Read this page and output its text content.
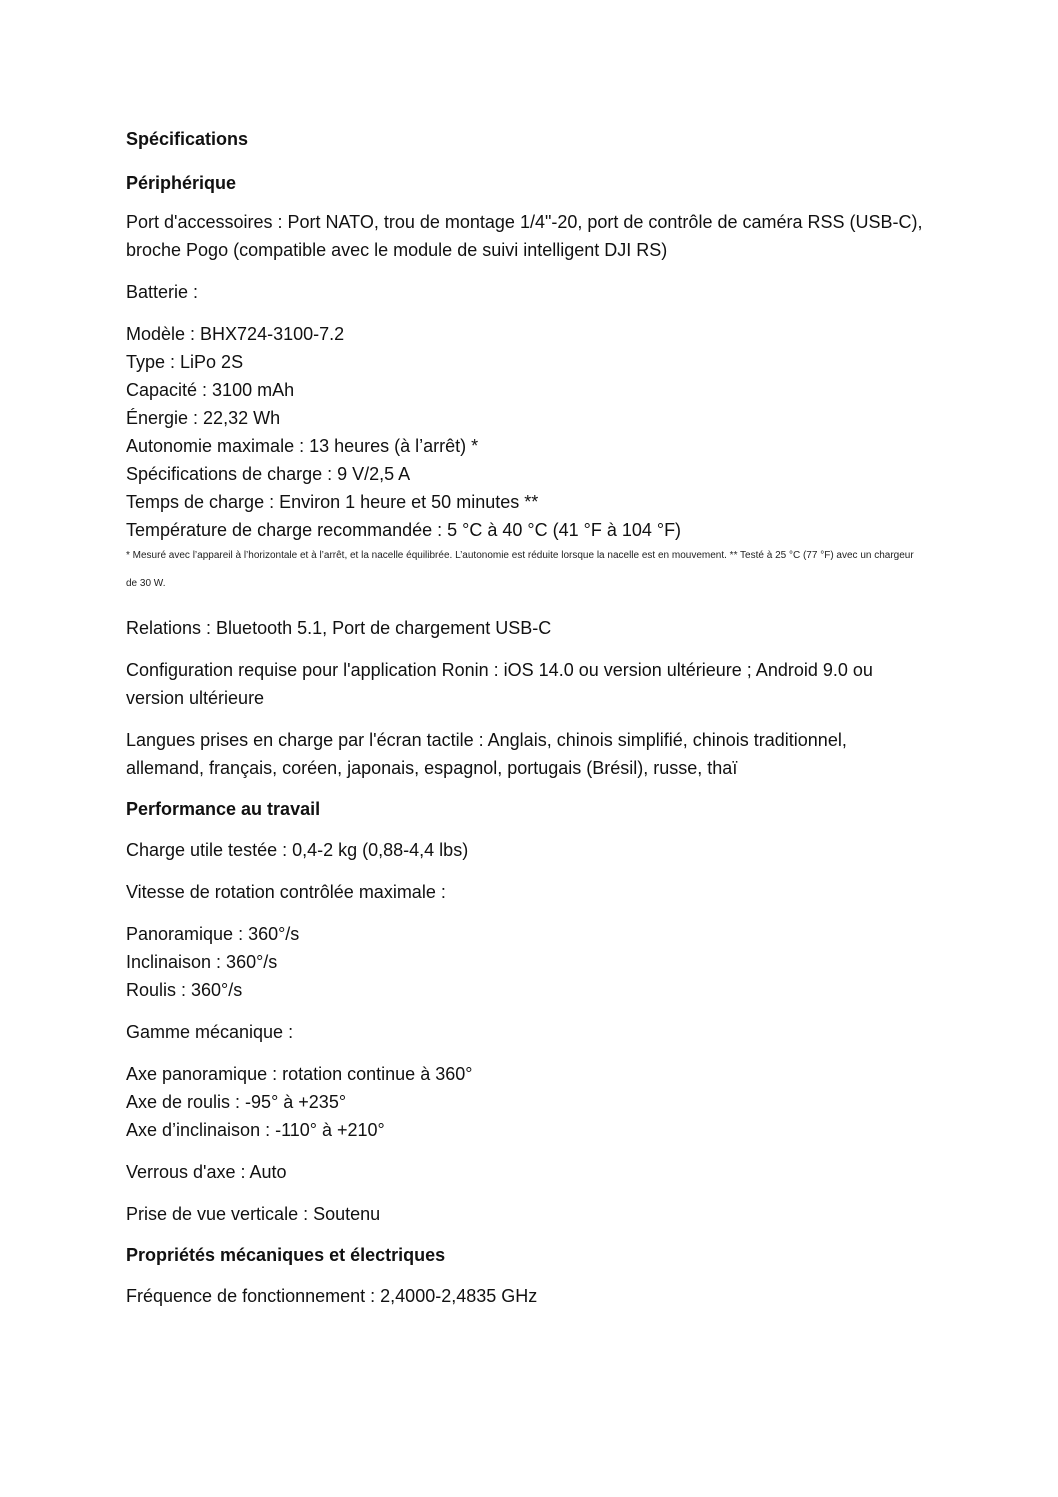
Spécifications
Périphérique
Port d'accessoires : Port NATO, trou de montage 1/4"-20, port de contrôle de caméra RSS (USB-C), broche Pogo (compatible avec le module de suivi intelligent DJI RS)
Batterie :
Modèle : BHX724-3100-7.2
Type : LiPo 2S
Capacité : 3100 mAh
Énergie : 22,32 Wh
Autonomie maximale : 13 heures (à l’arrêt) *
Spécifications de charge : 9 V/2,5 A
Temps de charge : Environ 1 heure et 50 minutes **
Température de charge recommandée : 5 °C à 40 °C (41 °F à 104 °F)
* Mesuré avec l’appareil à l’horizontale et à l’arrêt, et la nacelle équilibrée. L’autonomie est réduite lorsque la nacelle est en mouvement. ** Testé à 25 °C (77 °F) avec un chargeur de 30 W.
Relations : Bluetooth 5.1, Port de chargement USB-C
Configuration requise pour l'application Ronin : iOS 14.0 ou version ultérieure ; Android 9.0 ou version ultérieure
Langues prises en charge par l'écran tactile : Anglais, chinois simplifié, chinois traditionnel, allemand, français, coréen, japonais, espagnol, portugais (Brésil), russe, thaï
Performance au travail
Charge utile testée : 0,4-2 kg (0,88-4,4 lbs)
Vitesse de rotation contrôlée maximale :
Panoramique : 360°/s
Inclinaison : 360°/s
Roulis : 360°/s
Gamme mécanique :
Axe panoramique : rotation continue à 360°
Axe de roulis : -95° à +235°
Axe d’inclinaison : -110° à +210°
Verrous d'axe : Auto
Prise de vue verticale : Soutenu
Propriétés mécaniques et électriques
Fréquence de fonctionnement : 2,4000-2,4835 GHz
